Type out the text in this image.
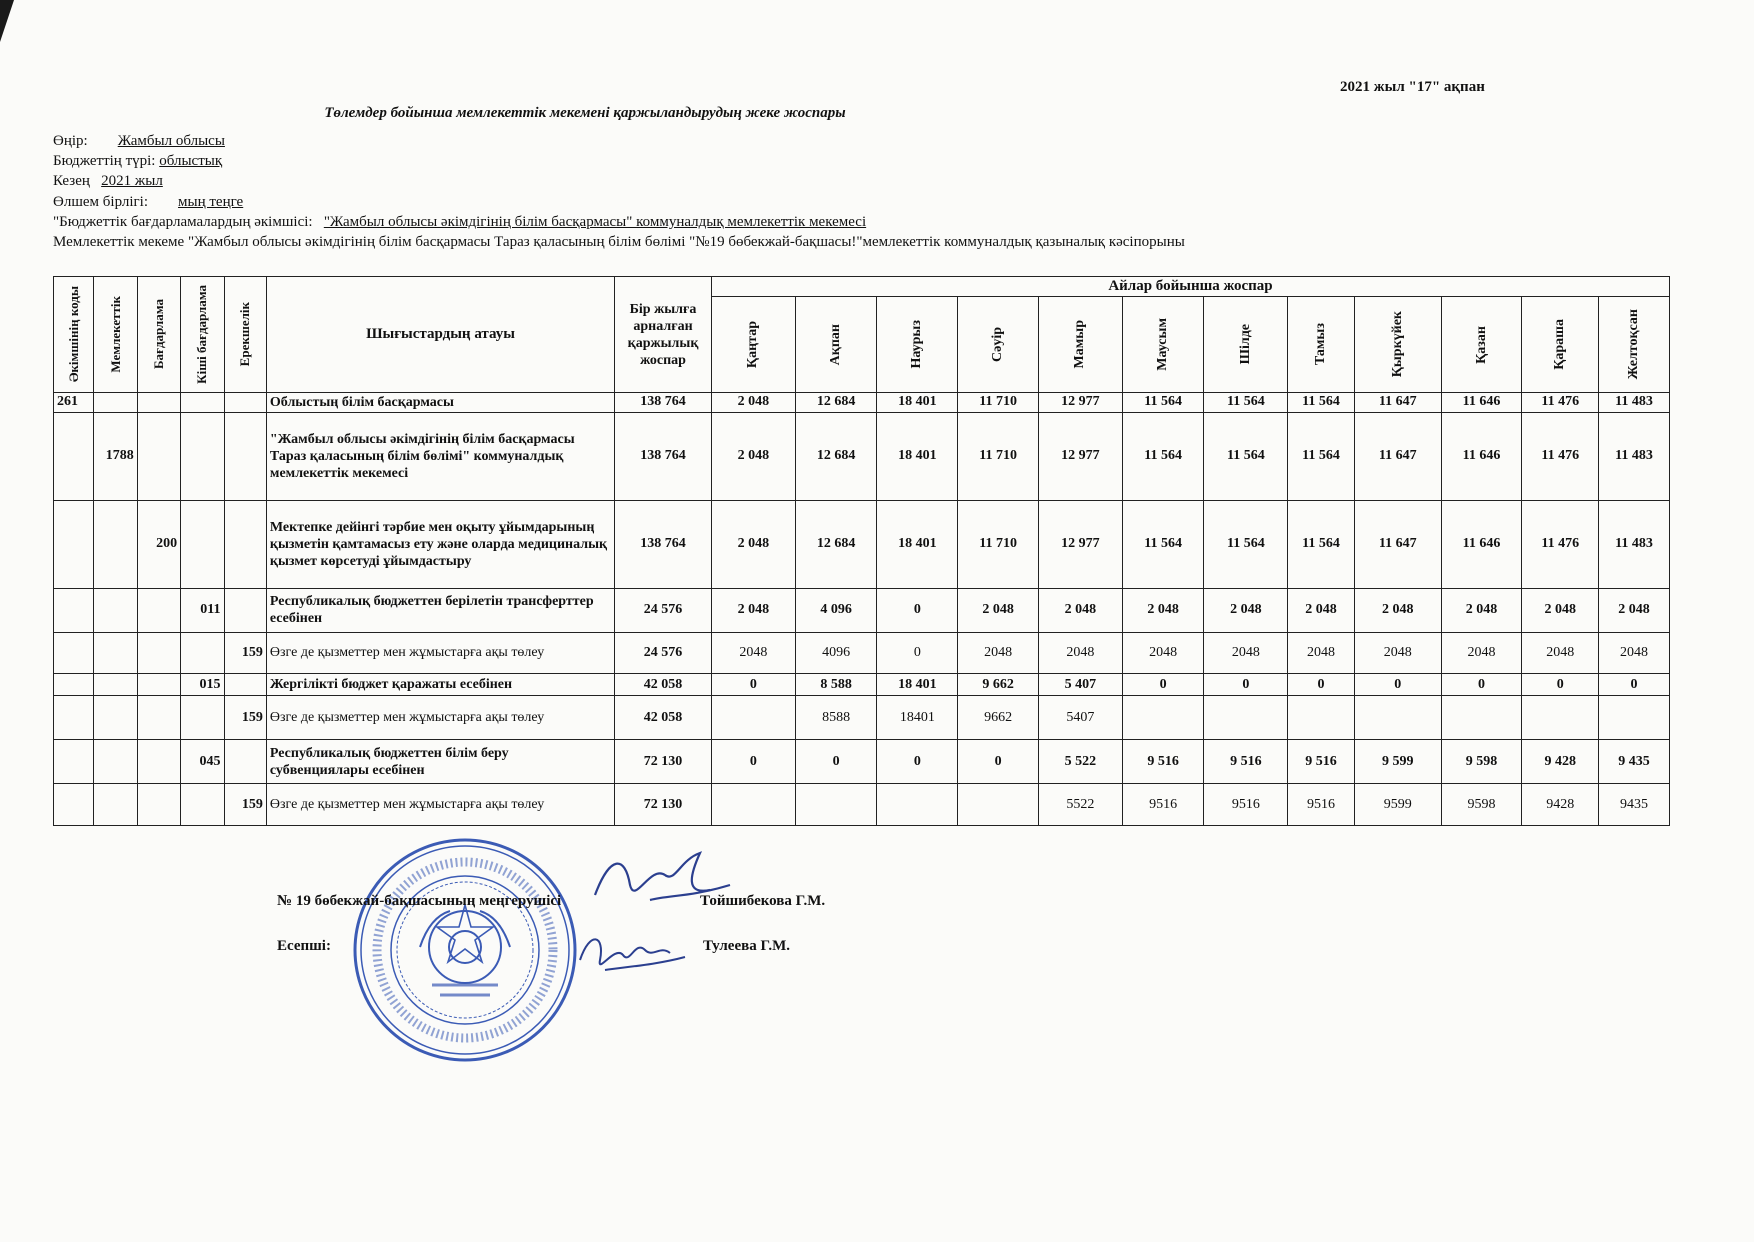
2021 жыл "17" ақпан
Төлемдер бойынша мемлекеттік мекемені қаржыландырудың жеке жоспары
Өңір: Жамбыл облысы
Бюджеттің түрі: облыстық
Кезең 2021 жыл
Өлшем бірлігі: мың теңге
"Бюджеттік бағдарламалардың әкімшісі: "Жамбыл облысы әкімдігінің білім басқармасы" коммуналдық мемлекеттік мекемесі
Мемлекеттік мекеме "Жамбыл облысы әкімдігінің білім басқармасы Тараз қаласының білім бөлімі "№19 бөбекжай-бақшасы!"мемлекеттік коммуналдық қазыналық кәсіпорыны
Әкімшінің коды	Мемлекеттік	Бағдарлама	Кіші бағдарлама	Ерекшелік	Шығыстардың атауы	Бір жылға арналған қаржылық жоспар	Айлар бойынша жоспар											

							Қаңтар	Ақпан	Наурыз	Сәуір	Мамыр	Маусым	Шілде	Тамыз	Қыркүйек	Қазан	Қараша	Желтоқсан

261					Облыстың білім басқармасы	138 764	2 048	12 684	18 401	11 710	12 977	11 564	11 564	11 564	11 647	11 646	11 476	11 483
	1788				"Жамбыл облысы әкімдігінің білім басқармасы Тараз қаласының білім бөлімі" коммуналдық мемлекеттік мекемесі	138 764	2 048	12 684	18 401	11 710	12 977	11 564	11 564	11 564	11 647	11 646	11 476	11 483
		200			Мектепке дейінгі тәрбие мен оқыту ұйымдарының қызметін қамтамасыз ету және оларда медициналық қызмет көрсетуді ұйымдастыру	138 764	2 048	12 684	18 401	11 710	12 977	11 564	11 564	11 564	11 647	11 646	11 476	11 483
			011		Республикалық бюджеттен берілетін трансферттер есебінен	24 576	2 048	4 096	0	2 048	2 048	2 048	2 048	2 048	2 048	2 048	2 048	2 048
				159	Өзге де қызметтер мен жұмыстарға ақы төлеу	24 576	2048	4096	0	2048	2048	2048	2048	2048	2048	2048	2048	2048
			015		Жергілікті бюджет қаражаты есебінен	42 058	0	8 588	18 401	9 662	5 407	0	0	0	0	0	0	0
				159	Өзге де қызметтер мен жұмыстарға ақы төлеу	42 058		8588	18401	9662	5407							
			045		Республикалық бюджеттен білім беру субвенциялары есебінен	72 130	0	0	0	0	5 522	9 516	9 516	9 516	9 599	9 598	9 428	9 435
				159	Өзге де қызметтер мен жұмыстарға ақы төлеу	72 130					5522	9516	9516	9516	9599	9598	9428	9435
№ 19 бөбекжай-бақшасының меңгерушісі	Тойшибекова Г.М.
Есепші:	Тулеева Г.М.
